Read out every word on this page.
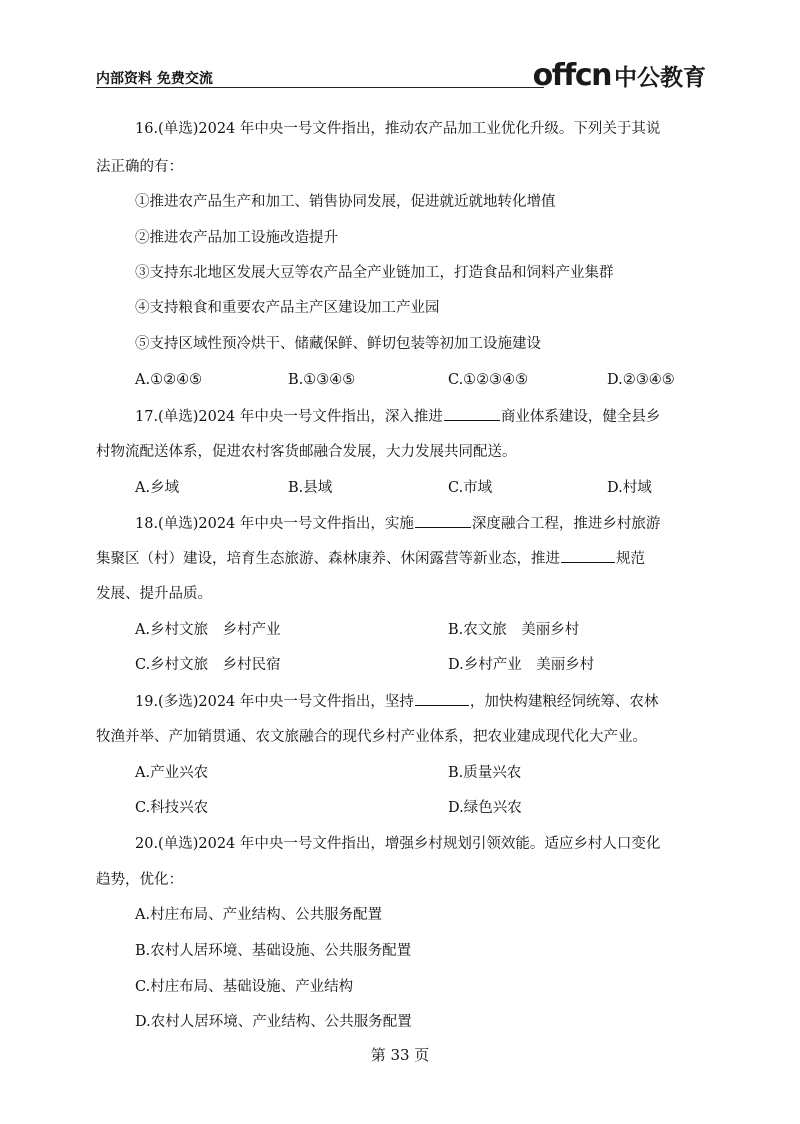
内部资料 免费交流	offcn 中公教育
16.(单选)2024 年中央一号文件指出，推动农产品加工业优化升级。下列关于其说
法正确的有：
①推进农产品生产和加工、销售协同发展，促进就近就地转化增值
②推进农产品加工设施改造提升
③支持东北地区发展大豆等农产品全产业链加工，打造食品和饲料产业集群
④支持粮食和重要农产品主产区建设加工产业园
⑤支持区域性预冷烘干、储藏保鲜、鲜切包装等初加工设施建设
A.①②④⑤	B.①③④⑤	C.①②③④⑤	D.②③④⑤
17.(单选)2024 年中央一号文件指出，深入推进	商业体系建设，健全县乡
村物流配送体系，促进农村客货邮融合发展，大力发展共同配送。
A.乡域	B.县域	C.市域	D.村域
18.(单选)2024 年中央一号文件指出，实施	深度融合工程，推进乡村旅游
集聚区（村）建设，培育生态旅游、森林康养、休闲露营等新业态，推进	规范
发展、提升品质。
A.乡村文旅　乡村产业	B.农文旅　美丽乡村
C.乡村文旅　乡村民宿	D.乡村产业　美丽乡村
19.(多选)2024 年中央一号文件指出，坚持	，加快构建粮经饲统筹、农林
牧渔并举、产加销贯通、农文旅融合的现代乡村产业体系，把农业建成现代化大产业。
A.产业兴农	B.质量兴农
C.科技兴农	D.绿色兴农
20.(单选)2024 年中央一号文件指出，增强乡村规划引领效能。适应乡村人口变化
趋势，优化：
A.村庄布局、产业结构、公共服务配置
B.农村人居环境、基础设施、公共服务配置
C.村庄布局、基础设施、产业结构
D.农村人居环境、产业结构、公共服务配置
第 33 页
